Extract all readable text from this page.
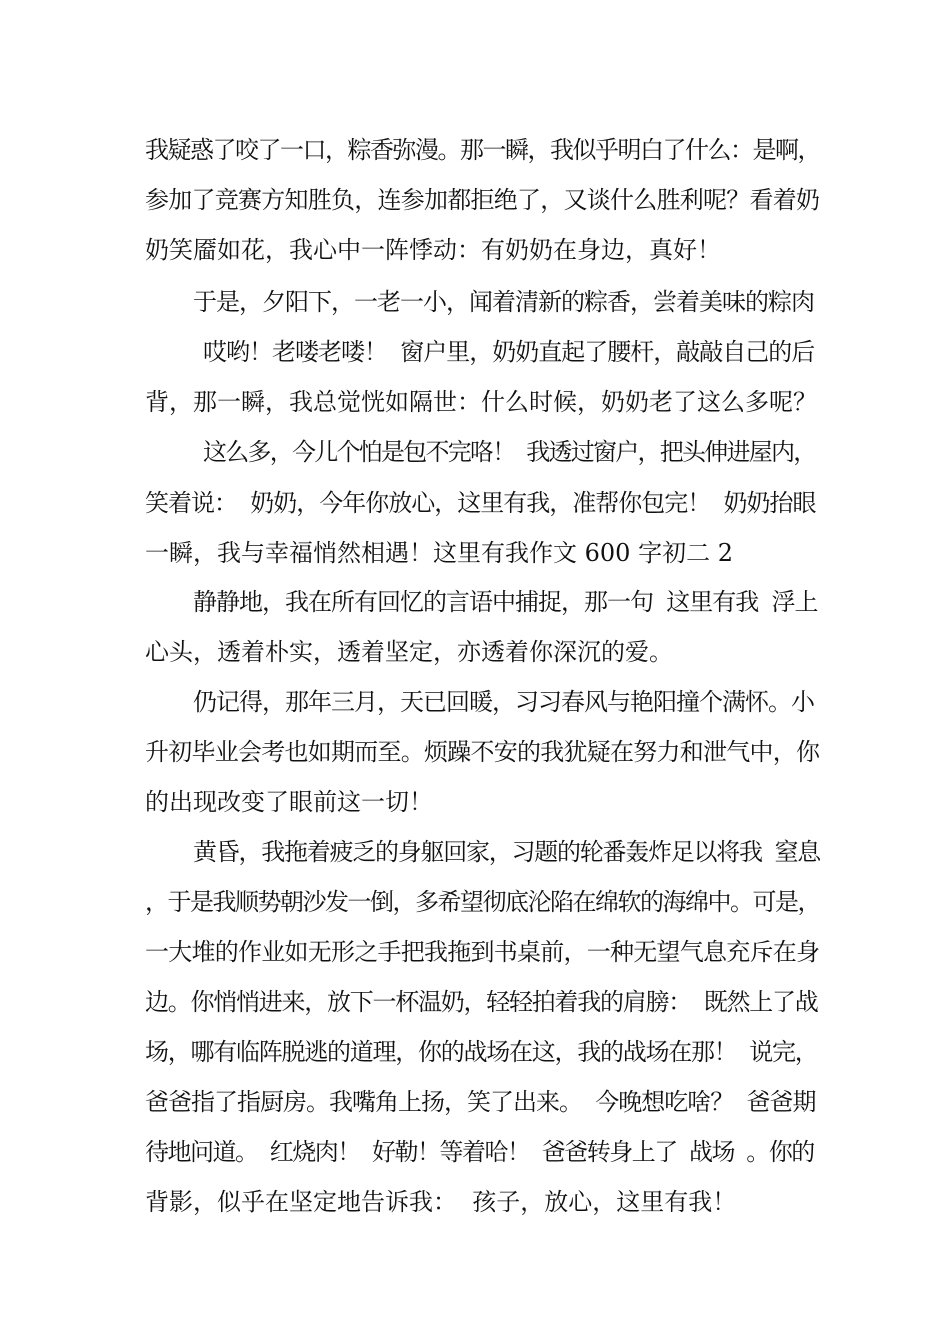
我疑惑了咬了一口，粽香弥漫。那一瞬，我似乎明白了什么：是啊，
参加了竞赛方知胜负，连参加都拒绝了，又谈什么胜利呢？看着奶
奶笑靥如花，我心中一阵悸动：有奶奶在身边，真好！
于是，夕阳下，一老一小，闻着清新的粽香，尝着美味的粽肉
哎哟！老喽老喽！  窗户里，奶奶直起了腰杆，敲敲自己的后
背，那一瞬，我总觉恍如隔世：什么时候，奶奶老了这么多呢？
这么多，今儿个怕是包不完咯！  我透过窗户，把头伸进屋内，
笑着说：  奶奶，今年你放心，这里有我，准帮你包完！  奶奶抬眼
一瞬，我与幸福悄然相遇！这里有我作文 600 字初二 2
静静地，我在所有回忆的言语中捕捉，那一句  这里有我  浮上
心头，透着朴实，透着坚定，亦透着你深沉的爱。
仍记得，那年三月，天已回暖，习习春风与艳阳撞个满怀。小
升初毕业会考也如期而至。烦躁不安的我犹疑在努力和泄气中，你
的出现改变了眼前这一切！
黄昏，我拖着疲乏的身躯回家，习题的轮番轰炸足以将我  窒息
，于是我顺势朝沙发一倒，多希望彻底沦陷在绵软的海绵中。可是，
一大堆的作业如无形之手把我拖到书桌前，一种无望气息充斥在身
边。你悄悄进来，放下一杯温奶，轻轻拍着我的肩膀：  既然上了战
场，哪有临阵脱逃的道理，你的战场在这，我的战场在那！  说完，
爸爸指了指厨房。我嘴角上扬，笑了出来。  今晚想吃啥？  爸爸期
待地问道。  红烧肉！  好勒！等着哈！  爸爸转身上了  战场  。你的
背影，似乎在坚定地告诉我：  孩子，放心，这里有我！
